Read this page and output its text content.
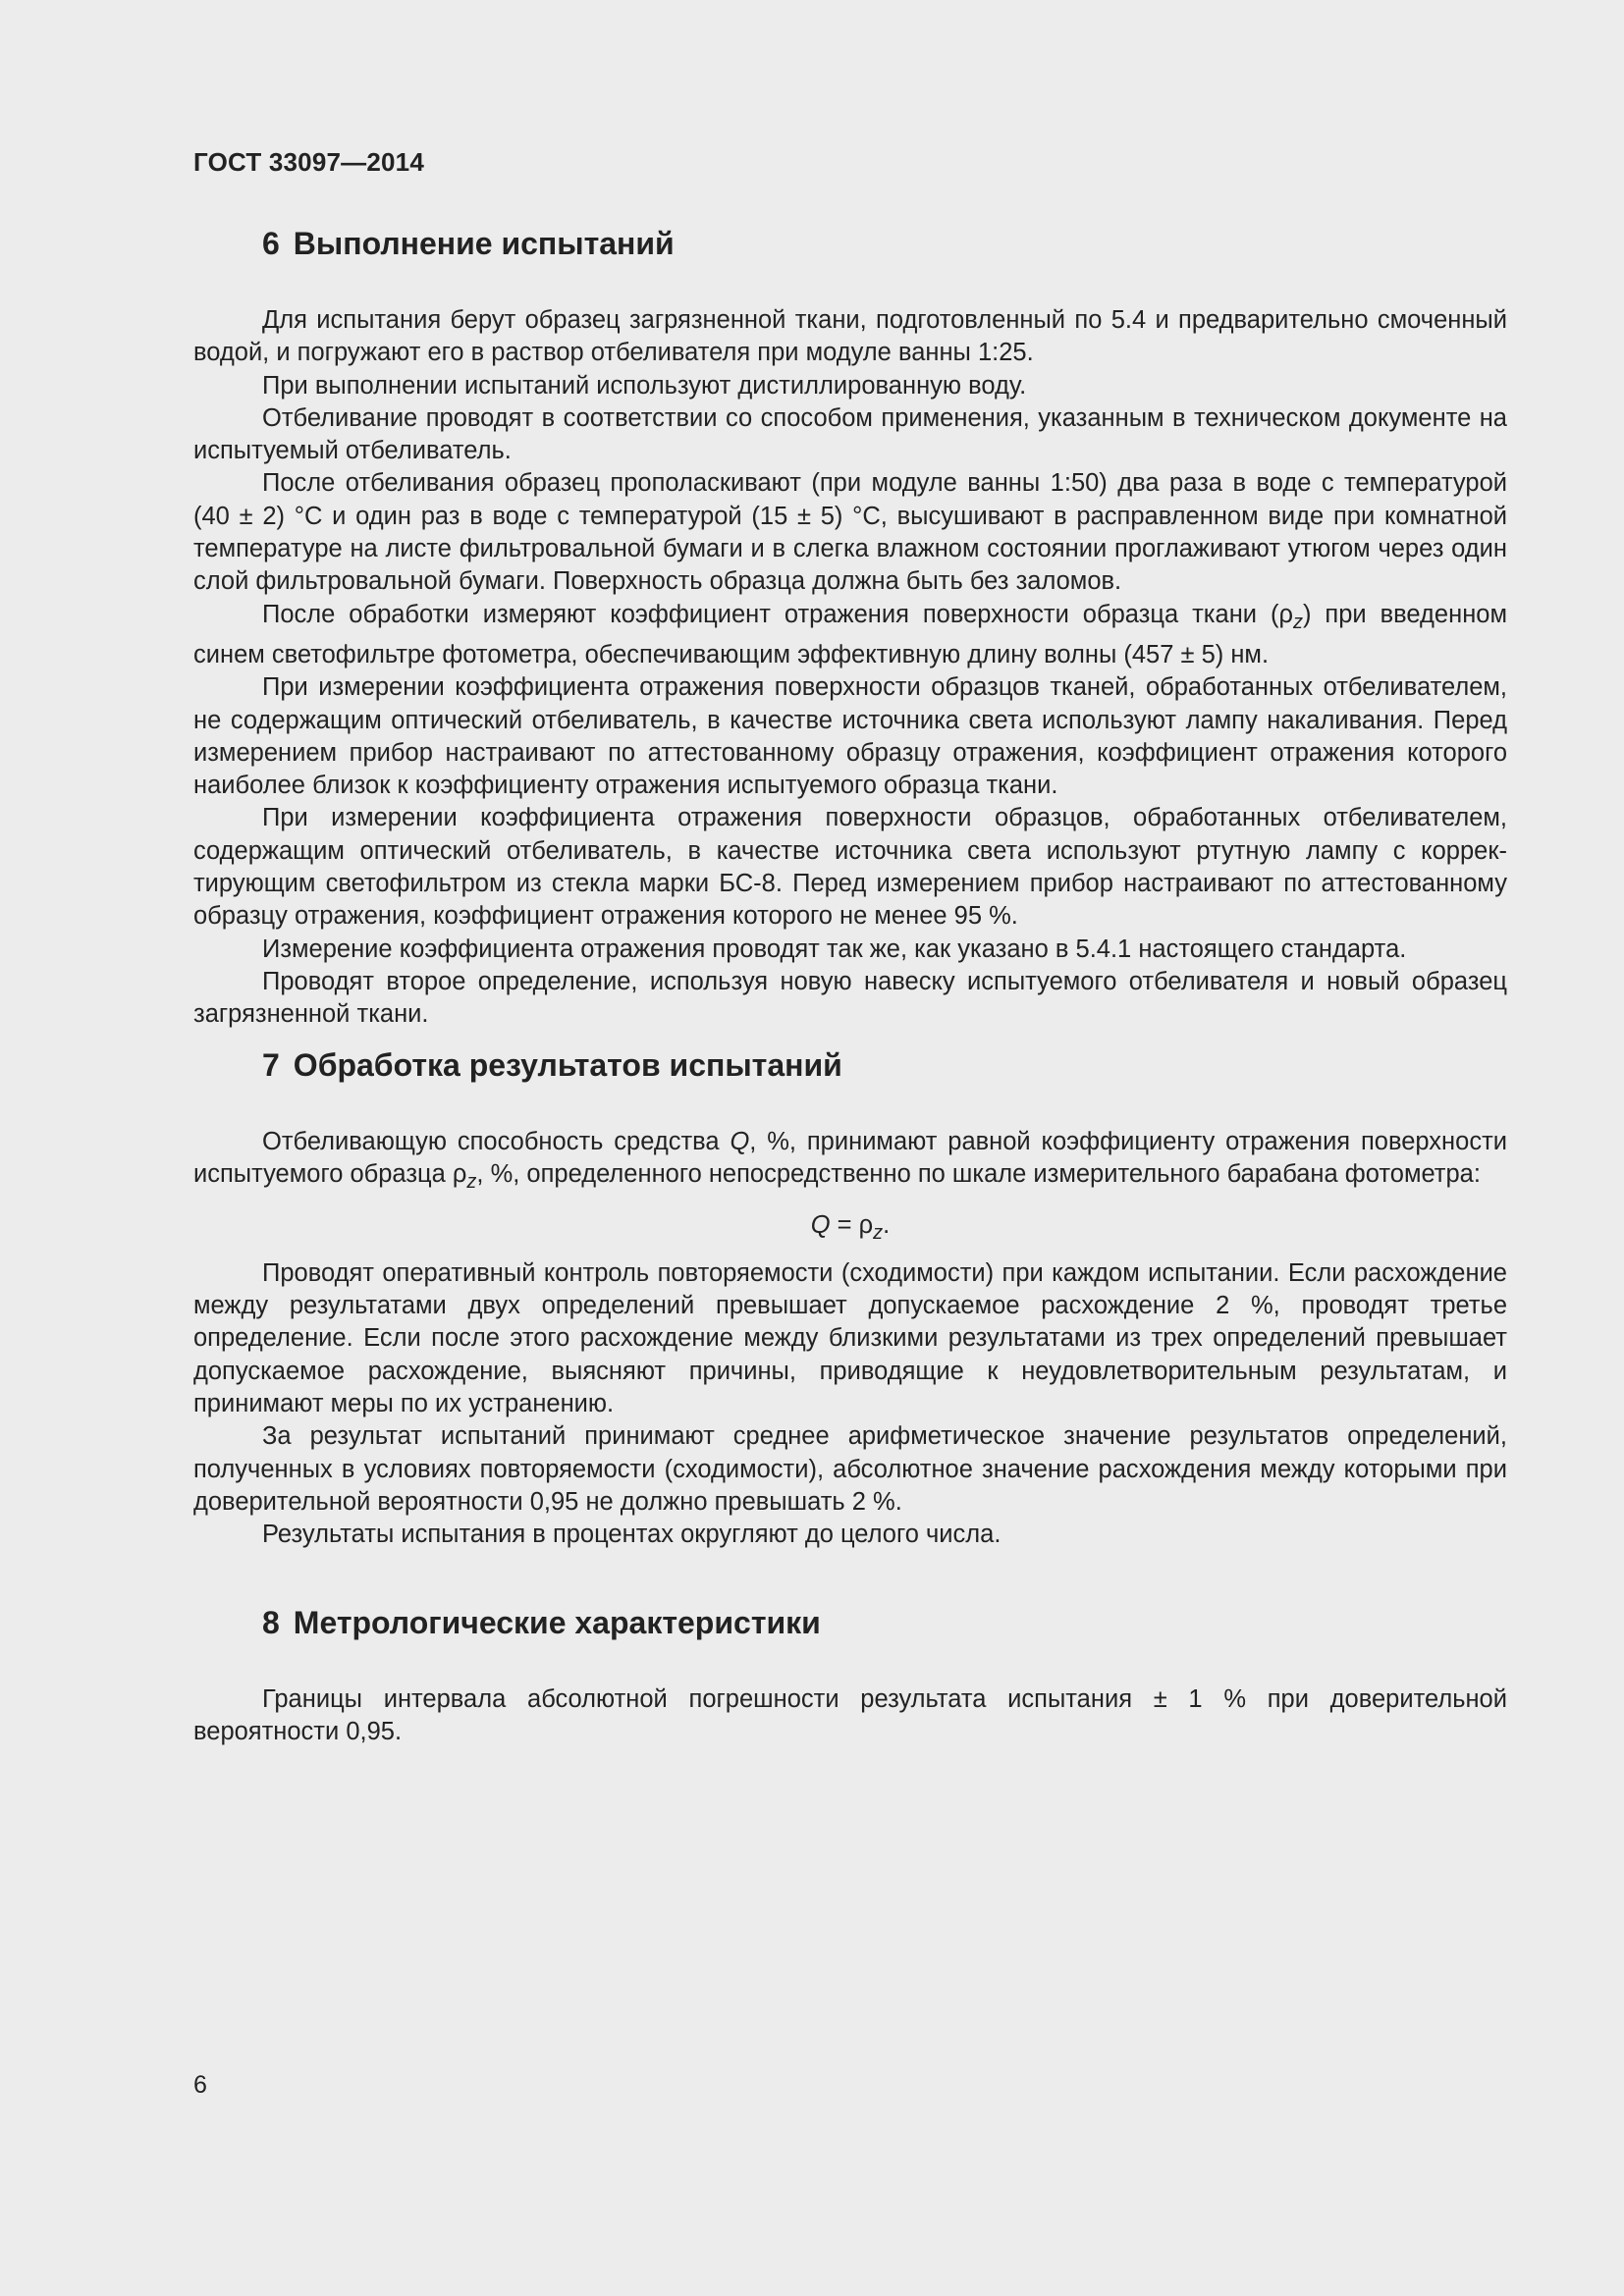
ГОСТ 33097—2014
6 Выполнение испытаний

Для испытания берут образец загрязненной ткани, подготовленный по 5.4 и предварительно смоченный водой, и погружают его в раствор отбеливателя при модуле ванны 1:25.

При выполнении испытаний используют дистиллированную воду.

Отбеливание проводят в соответствии со способом применения, указанным в техническом документе на испытуемый отбеливатель.

После отбеливания образец прополаскивают (при модуле ванны 1:50) два раза в воде с температурой (40 ± 2) °С и один раз в воде с температурой (15 ± 5) °С, высушивают в расправленном виде при комнатной температуре на листе фильтровальной бумаги и в слегка влажном состоянии проглаживают утюгом через один слой фильтровальной бумаги. Поверхность образца должна быть без заломов.

После обработки измеряют коэффициент отражения поверхности образца ткани $(\rho_z)$ при введенном синем светофильтре фотометра, обеспечивающим эффективную длину волны (457 ± 5) нм.

При измерении коэффициента отражения поверхности образцов тканей, обработанных отбеливателем, не содержащим оптический отбеливатель, в качестве источника света используют лампу накаливания. Перед измерением прибор настраивают по аттестованному образцу отражения, коэффициент отражения которого наиболее близок к коэффициенту отражения испытуемого образца ткани.

При измерении коэффициента отражения поверхности образцов, обработанных отбеливателем, содержащим оптический отбеливатель, в качестве источника света используют ртутную лампу с корректирующим светофильтром из стекла марки БС-8. Перед измерением прибор настраивают по аттестованному образцу отражения, коэффициент отражения которого не менее 95 %.

Измерение коэффициента отражения проводят так же, как указано в 5.4.1 настоящего стандарта.

Проводят второе определение, используя новую навеску испытуемого отбеливателя и новый образец загрязненной ткани.

7 Обработка результатов испытаний

Отбеливающую способность средства Q, %, принимают равной коэффициенту отражения поверхности испытуемого образца $\rho_z$, %, определенного непосредственно по шкале измерительного барабана фотометра:

$Q = \rho_z$.

Проводят оперативный контроль повторяемости (сходимости) при каждом испытании. Если расхождение между результатами двух определений превышает допускаемое расхождение 2 %, проводят третье определение. Если после этого расхождение между близкими результатами из трех определений превышает допускаемое расхождение, выясняют причины, приводящие к неудовлетворительным результатам, и принимают меры по их устранению.

За результат испытаний принимают среднее арифметическое значение результатов определений, полученных в условиях повторяемости (сходимости), абсолютное значение расхождения между которыми при доверительной вероятности 0,95 не должно превышать 2 %.

Результаты испытания в процентах округляют до целого числа.

8 Метрологические характеристики

Границы интервала абсолютной погрешности результата испытания ± 1 % при доверительной вероятности 0,95.

6
